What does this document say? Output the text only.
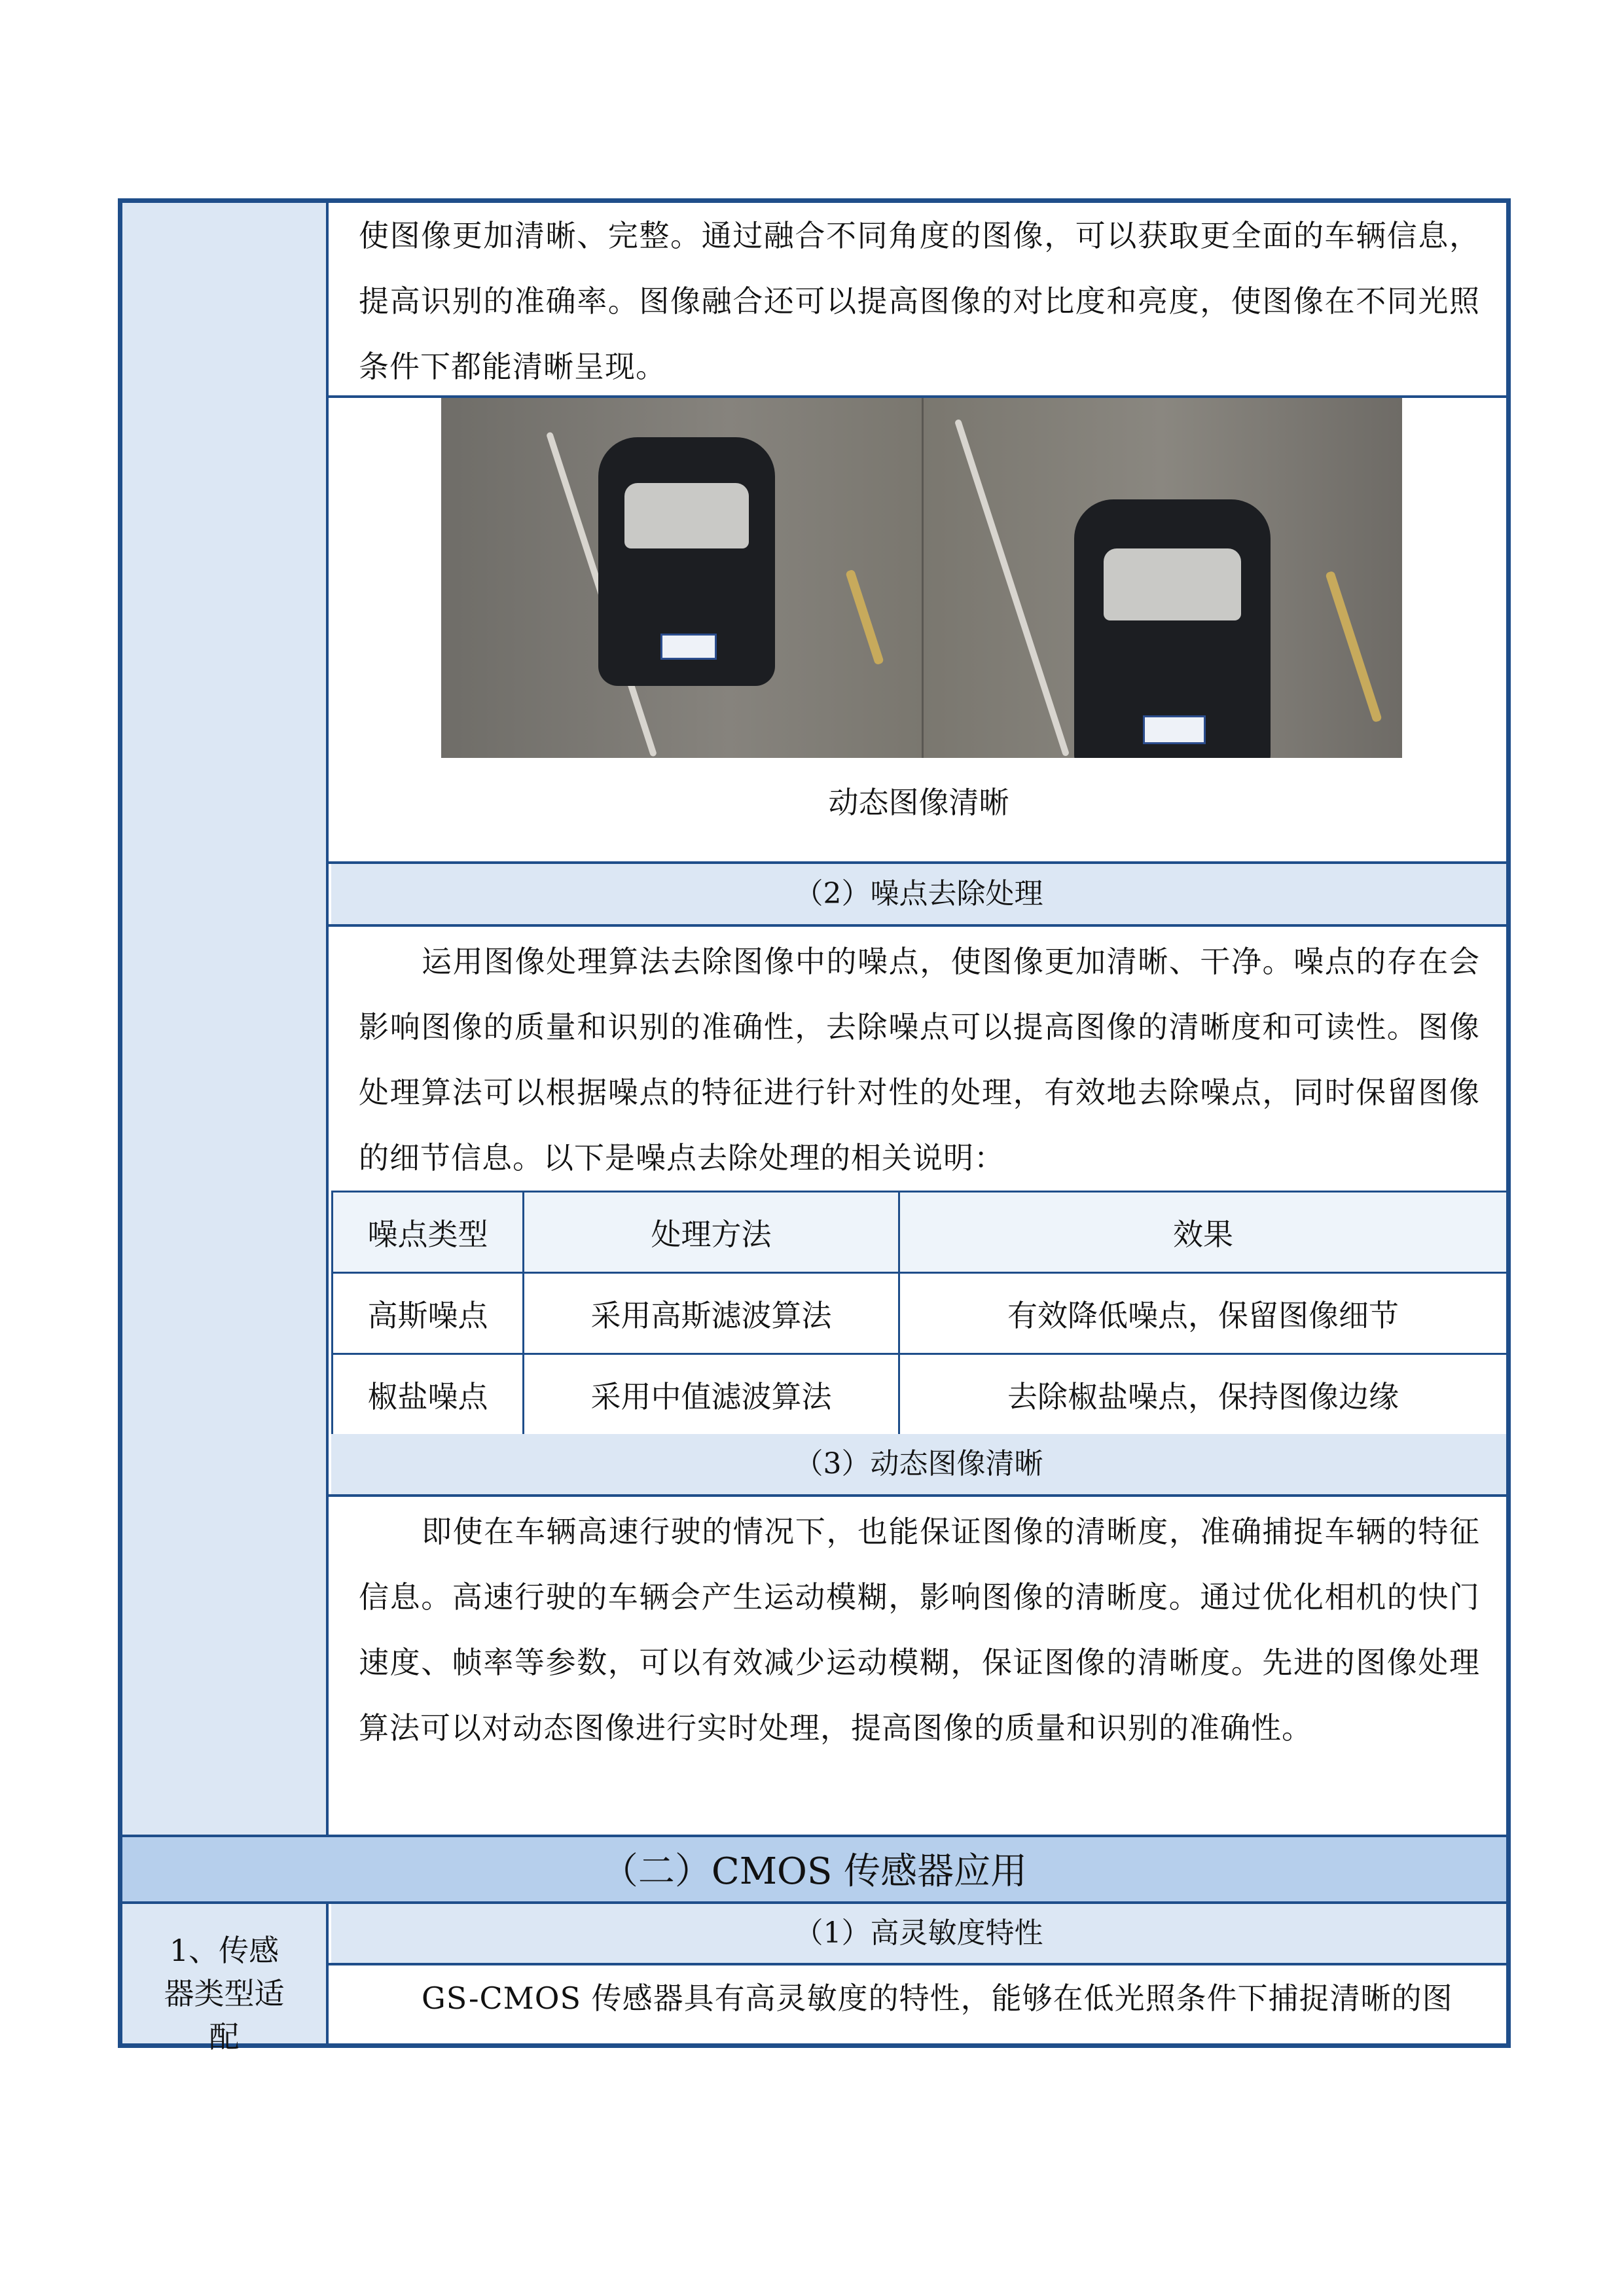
使图像更加清晰、完整。通过融合不同角度的图像，可以获取更全面的车辆信息，提高识别的准确率。图像融合还可以提高图像的对比度和亮度，使图像在不同光照条件下都能清晰呈现。
动态图像清晰
（2）噪点去除处理
运用图像处理算法去除图像中的噪点，使图像更加清晰、干净。噪点的存在会影响图像的质量和识别的准确性，去除噪点可以提高图像的清晰度和可读性。图像处理算法可以根据噪点的特征进行针对性的处理，有效地去除噪点，同时保留图像的细节信息。以下是噪点去除处理的相关说明：
噪点类型	处理方法	效果
高斯噪点	采用高斯滤波算法	有效降低噪点，保留图像细节
椒盐噪点	采用中值滤波算法	去除椒盐噪点，保持图像边缘
（3）动态图像清晰
即使在车辆高速行驶的情况下，也能保证图像的清晰度，准确捕捉车辆的特征信息。高速行驶的车辆会产生运动模糊，影响图像的清晰度。通过优化相机的快门速度、帧率等参数，可以有效减少运动模糊，保证图像的清晰度。先进的图像处理算法可以对动态图像进行实时处理，提高图像的质量和识别的准确性。
（二）CMOS 传感器应用
1、传感器类型适配
（1）高灵敏度特性
GS-CMOS 传感器具有高灵敏度的特性，能够在低光照条件下捕捉清晰的图
